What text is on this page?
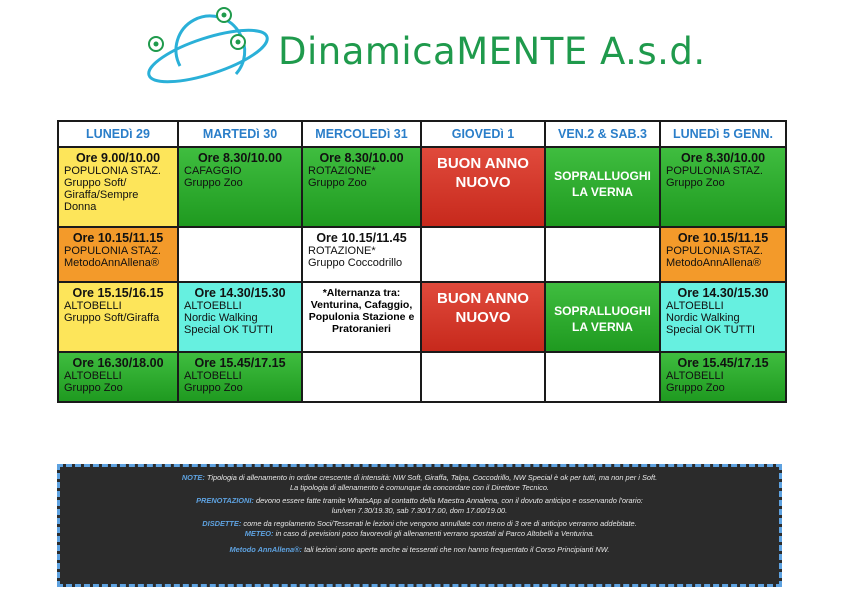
DinamicaMENTE A.s.d.
LUNEDì 29	MARTEDì 30	MERCOLEDì 31	GIOVEDì 1	VEN.2 & SAB.3	LUNEDì 5 GENN.

Ore 9.00/10.00
POPULONIA STAZ.
Gruppo Soft/
Giraffa/Sempre
Donna	Ore 8.30/10.00
CAFAGGIO
Gruppo Zoo	Ore 8.30/10.00
ROTAZIONE*
Gruppo Zoo	BUON ANNO
NUOVO	SOPRALLUOGHI
LA VERNA	Ore 8.30/10.00
POPULONIA STAZ.
Gruppo Zoo

Ore 10.15/11.15
POPULONIA STAZ.
MetodoAnnAllena®		Ore 10.15/11.45
ROTAZIONE*
Gruppo Coccodrillo			Ore 10.15/11.15
POPULONIA STAZ.
MetodoAnnAllena®

Ore 15.15/16.15
ALTOBELLI
Gruppo Soft/Giraffa	Ore 14.30/15.30
ALTOEBLLI
Nordic Walking
Special OK TUTTI	*Alternanza tra:
Venturina, Cafaggio,
Populonia Stazione e
Pratoranieri	BUON ANNO
NUOVO	SOPRALLUOGHI
LA VERNA	Ore 14.30/15.30
ALTOEBLLI
Nordic Walking
Special OK TUTTI

Ore 16.30/18.00
ALTOBELLI
Gruppo Zoo	Ore 15.45/17.15
ALTOBELLI
Gruppo Zoo				Ore 15.45/17.15
ALTOBELLI
Gruppo Zoo

NOTE: Tipologia di allenamento in ordine crescente di intensità: NW Soft, Giraffa, Talpa, Coccodrillo, NW Special è ok per tutti, ma non per i Soft.
La tipologia di allenamento è comunque da concordare con il Direttore Tecnico.

PRENOTAZIONI: devono essere fatte tramite WhatsApp al contatto della Maestra Annalena, con il dovuto anticipo e osservando l'orario:
lun/ven 7.30/19.30, sab 7.30/17.00, dom 17.00/19.00.

DISDETTE: come da regolamento Soci/Tesserati le lezioni che vengono annullate con meno di 3 ore di anticipo verranno addebitate.
METEO: in caso di previsioni poco favorevoli gli allenamenti verrano spostati al Parco Altobelli a Venturina.

Metodo AnnAllena®: tali lezioni sono aperte anche ai tesserati che non hanno frequentato il Corso Principianti NW.
